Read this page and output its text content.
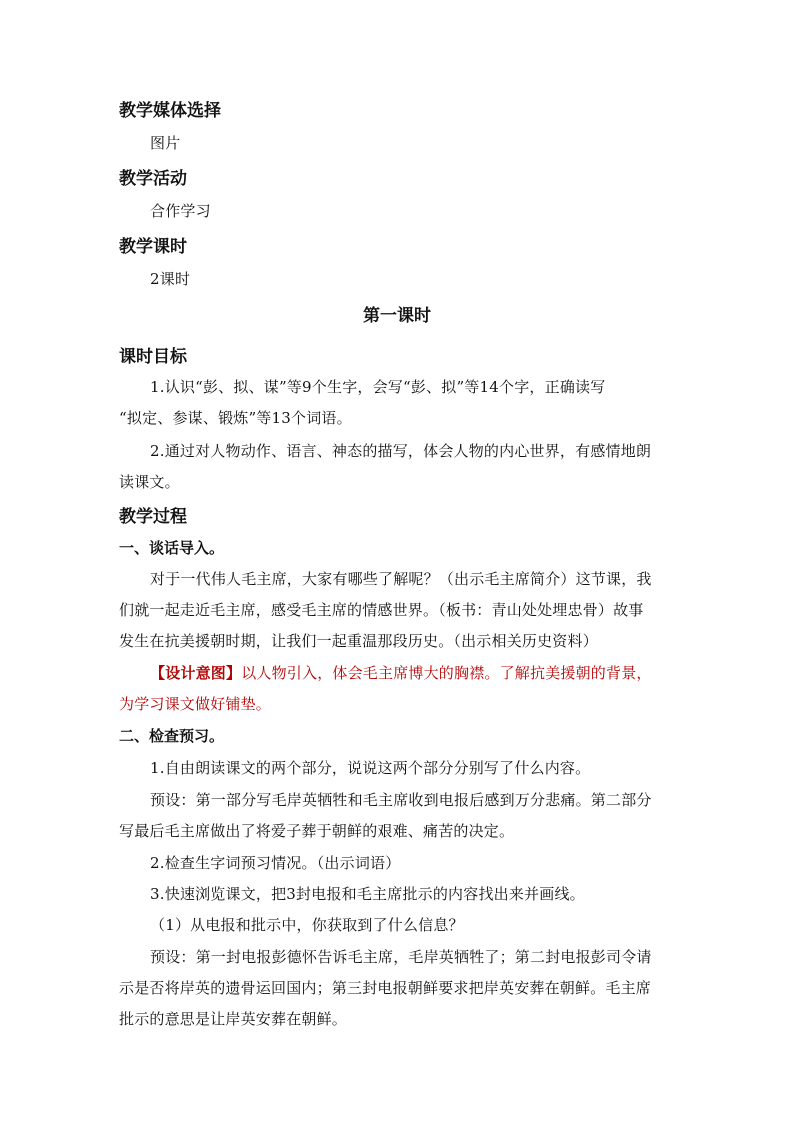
教学媒体选择
图片
教学活动
合作学习
教学课时
2课时
第一课时
课时目标
1.认识“彭、拟、谋”等9个生字，会写“彭、拟”等14个字，正确读写
“拟定、参谋、锻炼”等13个词语。
2.通过对人物动作、语言、神态的描写，体会人物的内心世界，有感情地朗
读课文。
教学过程
一、谈话导入。
对于一代伟人毛主席，大家有哪些了解呢？（出示毛主席简介）这节课，我
们就一起走近毛主席，感受毛主席的情感世界。（板书：青山处处埋忠骨）故事
发生在抗美援朝时期，让我们一起重温那段历史。（出示相关历史资料）
【设计意图】以人物引入，体会毛主席博大的胸襟。了解抗美援朝的背景，
为学习课文做好铺垫。
二、检查预习。
1.自由朗读课文的两个部分，说说这两个部分分别写了什么内容。
预设：第一部分写毛岸英牺牲和毛主席收到电报后感到万分悲痛。第二部分
写最后毛主席做出了将爱子葬于朝鲜的艰难、痛苦的决定。
2.检查生字词预习情况。（出示词语）
3.快速浏览课文，把3封电报和毛主席批示的内容找出来并画线。
（1）从电报和批示中，你获取到了什么信息？
预设：第一封电报彭德怀告诉毛主席，毛岸英牺牲了；第二封电报彭司令请
示是否将岸英的遗骨运回国内；第三封电报朝鲜要求把岸英安葬在朝鲜。毛主席
批示的意思是让岸英安葬在朝鲜。
